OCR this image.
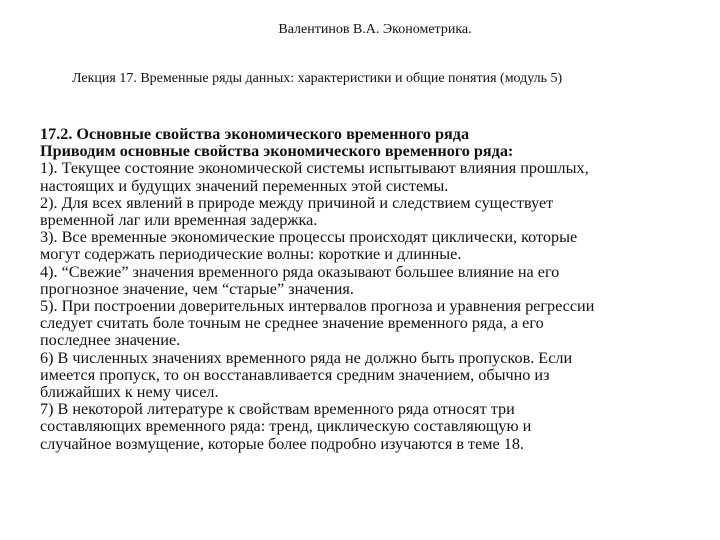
Валентинов В.А. Эконометрика.
Лекция 17. Временные ряды данных: характеристики и общие понятия (модуль 5)
17.2. Основные свойства экономического временного ряда
Приводим основные свойства экономического временного ряда:
1). Текущее состояние экономической системы испытывают влияния прошлых,
настоящих и будущих значений переменных этой системы.
2). Для всех явлений в природе между причиной и следствием существует
временной лаг или временная задержка.
3). Все временные экономические процессы происходят циклически, которые
могут содержать периодические волны: короткие и длинные.
4). “Свежие” значения временного ряда оказывают большее влияние на его
прогнозное значение, чем “старые” значения.
5). При построении доверительных интервалов прогноза и уравнения регрессии
следует считать боле точным не среднее значение временного ряда, а его
последнее значение.
6) В численных значениях временного ряда не должно быть пропусков. Если
имеется пропуск, то он восстанавливается средним значением, обычно из
ближайших к нему чисел.
7) В некоторой литературе к свойствам временного ряда относят три
составляющих временного ряда: тренд, циклическую составляющую и
случайное возмущение, которые более подробно изучаются в теме 18.
